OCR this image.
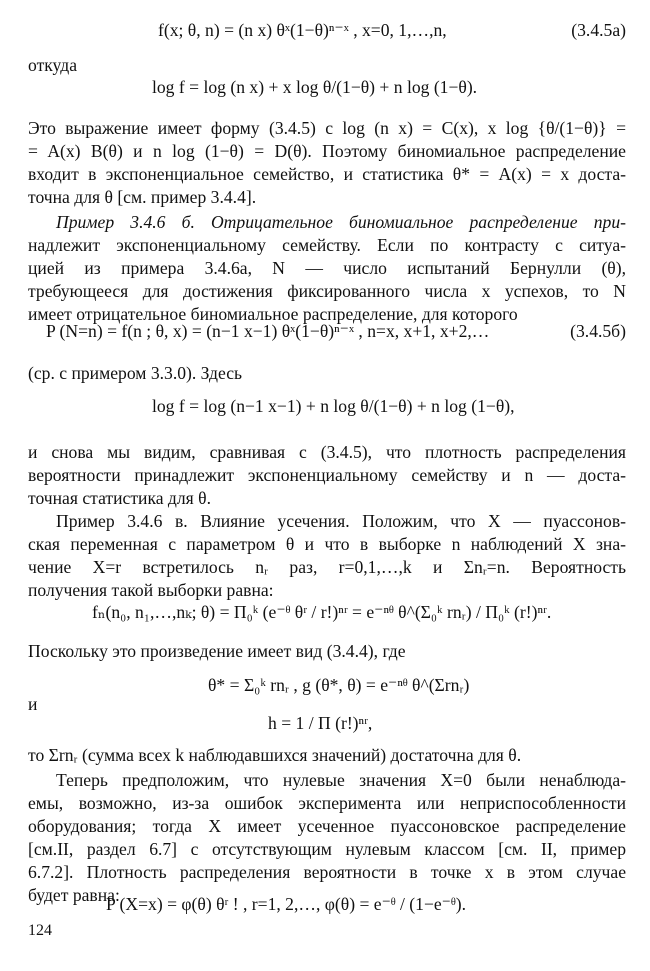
f(x; θ, n) = (n x) θˣ(1−θ)ⁿ⁻ˣ , x=0, 1,…,n,	(3.4.5a)
откуда
log f = log (n x) + x log θ/(1−θ) + n log (1−θ).
Это выражение имеет форму (3.4.5) с log (n x) = C(x), x log {θ/(1−θ)} =
= A(x) B(θ) и n log (1−θ) = D(θ). Поэтому биномиальное распределение
входит в экспоненциальное семейство, и статистика θ* = A(x) = x доста-
точна для θ [см. пример 3.4.4].
Пример 3.4.6 б. Отрицательное биномиальное распределение при-
надлежит экспоненциальному семейству. Если по контрасту с ситуа-
цией из примера 3.4.6а, N — число испытаний Бернулли (θ),
требующееся для достижения фиксированного числа x успехов, то N
имеет отрицательное биномиальное распределение, для которого
P (N=n) = f(n ; θ, x) = (n−1 x−1) θˣ(1−θ)ⁿ⁻ˣ , n=x, x+1, x+2,…	(3.4.5б)
(ср. с примером 3.3.0). Здесь
log f = log (n−1 x−1) + n log θ/(1−θ) + n log (1−θ),
и снова мы видим, сравнивая с (3.4.5), что плотность распределения
вероятности принадлежит экспоненциальному семейству и n — доста-
точная статистика для θ.
Пример 3.4.6 в. Влияние усечения. Положим, что X — пуассонов-
ская переменная с параметром θ и что в выборке n наблюдений X зна-
чение X=r встретилось nᵣ раз, r=0,1,…,k и Σnᵣ=n. Вероятность
получения такой выборки равна:
fₙ(n₀, n₁,…,nₖ; θ) = Π₀ᵏ (e⁻ᶿ θʳ / r!)ⁿʳ = e⁻ⁿᶿ θ^(Σ₀ᵏ rnᵣ) / Π₀ᵏ (r!)ⁿʳ.
Поскольку это произведение имеет вид (3.4.4), где
θ* = Σ₀ᵏ rnᵣ , g (θ*, θ) = e⁻ⁿᶿ θ^(Σrnᵣ)
и
h = 1 / Π (r!)ⁿʳ,
то Σrnᵣ (сумма всех k наблюдавшихся значений) достаточна для θ.
Теперь предположим, что нулевые значения X=0 были ненаблюда-
емы, возможно, из-за ошибок эксперимента или неприспособленности
оборудования; тогда X имеет усеченное пуассоновское распределение
[см.II, раздел 6.7] с отсутствующим нулевым классом [см. II, пример
6.7.2]. Плотность распределения вероятности в точке x в этом случае
будет равна:
P (X=x) = φ(θ) θʳ ! , r=1, 2,…, φ(θ) = e⁻ᶿ / (1−e⁻ᶿ).
124
